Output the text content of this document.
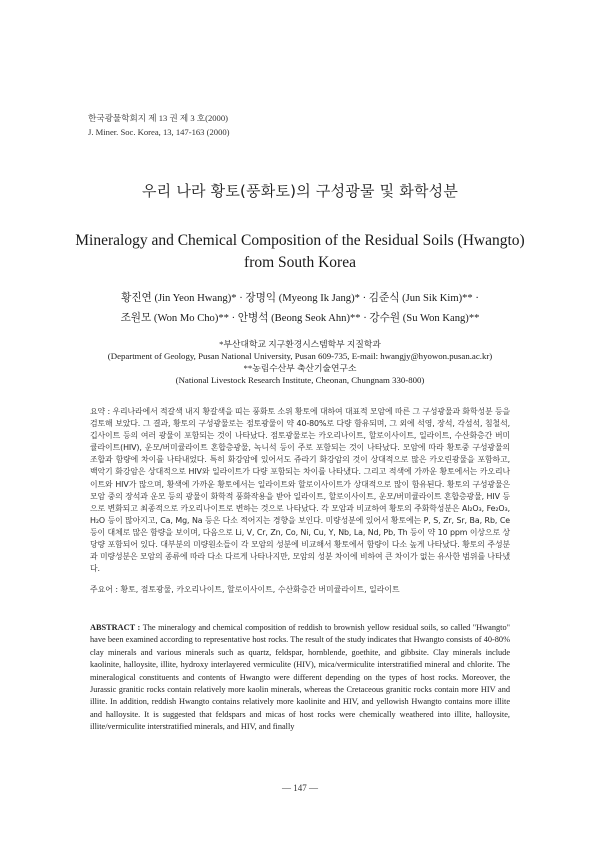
한국광물학회지 제 13 권 제 3 호(2000)
J. Miner. Soc. Korea, 13, 147-163 (2000)
우리 나라 황토(풍화토)의 구성광물 및 화학성분
Mineralogy and Chemical Composition of the Residual Soils (Hwangto) from South Korea
황진연 (Jin Yeon Hwang)* · 장명익 (Myeong Ik Jang)* · 김준식 (Jun Sik Kim)** ·
조원모 (Won Mo Cho)** · 안병석 (Beong Seok Ahn)** · 강수원 (Su Won Kang)**
*부산대학교 지구환경시스템학부 지질학과
(Department of Geology, Pusan National University, Pusan 609-735, E-mail: hwangjy@hyowon.pusan.ac.kr)
**농림수산부 축산기술연구소
(National Livestock Research Institute, Cheonan, Chungnam 330-800)
요약 : 우리나라에서 적갈색 내지 황갈색을 띠는 풍화토 소위 황토에 대하여 대표적 모암에 따른 그 구성광물과 화학성분 등을 검토해 보았다. 그 결과, 황토의 구성광물로는 점토광물이 약 40-80%로 다량 함유되며, 그 외에 석영, 장석, 각섬석, 침철석, 깁사이트 등의 여러 광물이 포함되는 것이 나타났다. 점토광물로는 카오리나이트, 할로이사이트, 일라이트, 수산화층간 버미큘라이트(HIV), 운모/버미큘라이트 혼합층광물, 녹니석 등이 주로 포함되는 것이 나타났다. 모암에 따라 황토중 구성광물의 조합과 함량에 차이를 나타내었다. 특히 화강암에 있어서도 쥬라기 화강암의 것이 상대적으로 많은 카오린광물을 포함하고, 백악기 화강암은 상대적으로 HIV와 일라이트가 다량 포함되는 차이를 나타냈다. 그리고 적색에 가까운 황토에서는 카오리나이트와 HIV가 많으며, 황색에 가까운 황토에서는 일라이트와 할로이사이트가 상대적으로 많이 함유된다. 황토의 구성광물은 모암 중의 장석과 운모 등의 광물이 화학적 풍화작용을 받아 일라이트, 할로이사이트, 운모/버미큘라이트 혼합층광물, HIV 등으로 변화되고 최종적으로 카오리나이트로 변하는 것으로 나타났다. 각 모암과 비교하여 황토의 주화학성분은 Al₂O₃, Fe₂O₃, H₂O 등이 많아지고, Ca, Mg, Na 등은 다소 적어지는 경향을 보인다. 미량성분에 있어서 황토에는 P, S, Zr, Sr, Ba, Rb, Ce 등이 대체로 많은 함량을 보이며, 다음으로 Li, V, Cr, Zn, Co, Ni, Cu, Y, Nb, La, Nd, Pb, Th 등이 약 10 ppm 이상으로 상당량 포함되어 있다. 대부분의 미량원소들이 각 모암의 성분에 비교해서 황토에서 함량이 다소 높게 나타났다. 황토의 주성분과 미량성분은 모암의 종류에 따라 다소 다르게 나타나지만, 모암의 성분 차이에 비하여 큰 차이가 없는 유사한 범위를 나타냈다.
주요어 : 황토, 점토광물, 카오리나이트, 할로이사이트, 수산화층간 버미큘라이트, 일라이트
ABSTRACT : The mineralogy and chemical composition of reddish to brownish yellow residual soils, so called "Hwangto" have been examined according to representative host rocks. The result of the study indicates that Hwangto consists of 40-80% clay minerals and various minerals such as quartz, feldspar, hornblende, goethite, and gibbsite. Clay minerals include kaolinite, halloysite, illite, hydroxy interlayered vermiculite (HIV), mica/vermiculite interstratified mineral and chlorite. The mineralogical constituents and contents of Hwangto were different depending on the types of host rocks. Moreover, the Jurassic granitic rocks contain relatively more kaolin minerals, whereas the Cretaceous granitic rocks contain more HIV and illite. In addition, reddish Hwangto contains relatively more kaolinite and HIV, and yellowish Hwangto contains more illite and halloysite. It is suggested that feldspars and micas of host rocks were chemically weathered into illite, halloysite, illite/vermiculite interstratified minerals, and HIV, and finally
— 147 —
